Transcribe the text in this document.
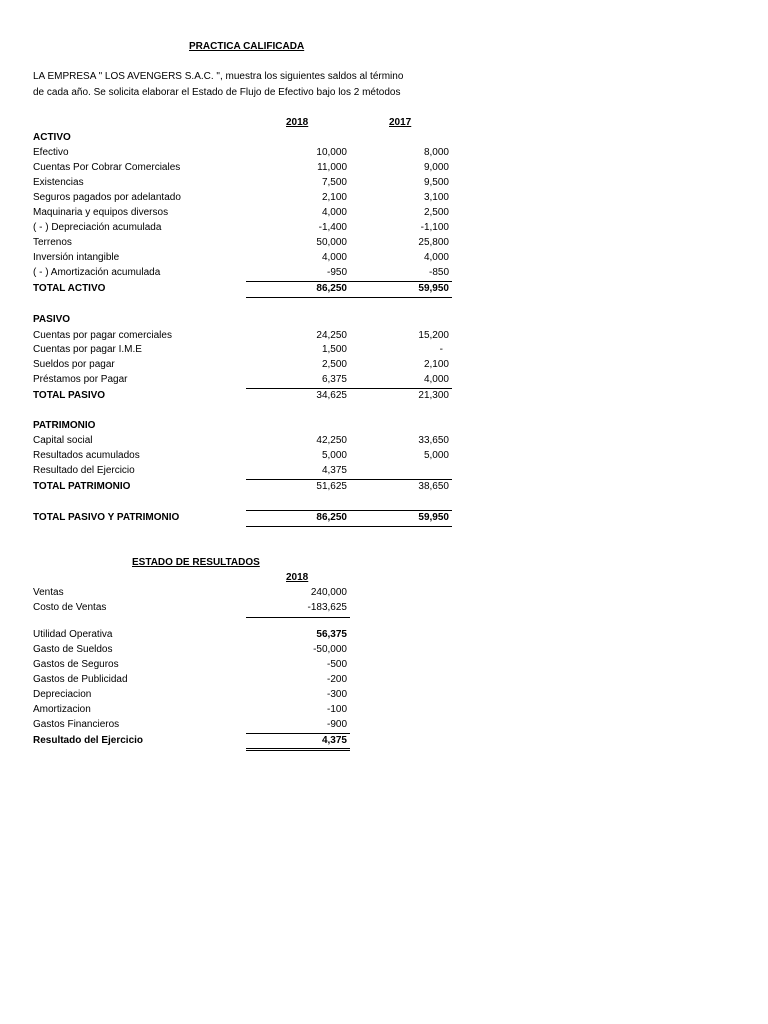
PRACTICA CALIFICADA
LA EMPRESA " LOS AVENGERS S.A.C. ", muestra los siguientes saldos al término
de cada año. Se solicita elaborar el Estado de Flujo de Efectivo bajo los 2 métodos
2018	2017
ACTIVO
Efectivo	10,000	8,000
Cuentas Por Cobrar Comerciales	11,000	9,000
Existencias	7,500	9,500
Seguros pagados por adelantado	2,100	3,100
Maquinaria y equipos diversos	4,000	2,500
( - ) Depreciación acumulada	-1,400	-1,100
Terrenos	50,000	25,800
Inversión intangible	4,000	4,000
( - ) Amortización acumulada	-950	-850
TOTAL ACTIVO	86,250	59,950
PASIVO
Cuentas por pagar comerciales	24,250	15,200
Cuentas por pagar I.M.E	1,500	-
Sueldos por pagar	2,500	2,100
Préstamos por Pagar	6,375	4,000
TOTAL PASIVO	34,625	21,300
PATRIMONIO
Capital social	42,250	33,650
Resultados acumulados	5,000	5,000
Resultado del Ejercicio	4,375
TOTAL PATRIMONIO	51,625	38,650
TOTAL PASIVO Y PATRIMONIO	86,250	59,950
ESTADO DE RESULTADOS
2018
Ventas	240,000
Costo de Ventas	-183,625
Utilidad Operativa	56,375
Gasto de Sueldos	-50,000
Gastos de Seguros	-500
Gastos de Publicidad	-200
Depreciacion	-300
Amortizacion	-100
Gastos Financieros	-900
Resultado del Ejercicio	4,375
